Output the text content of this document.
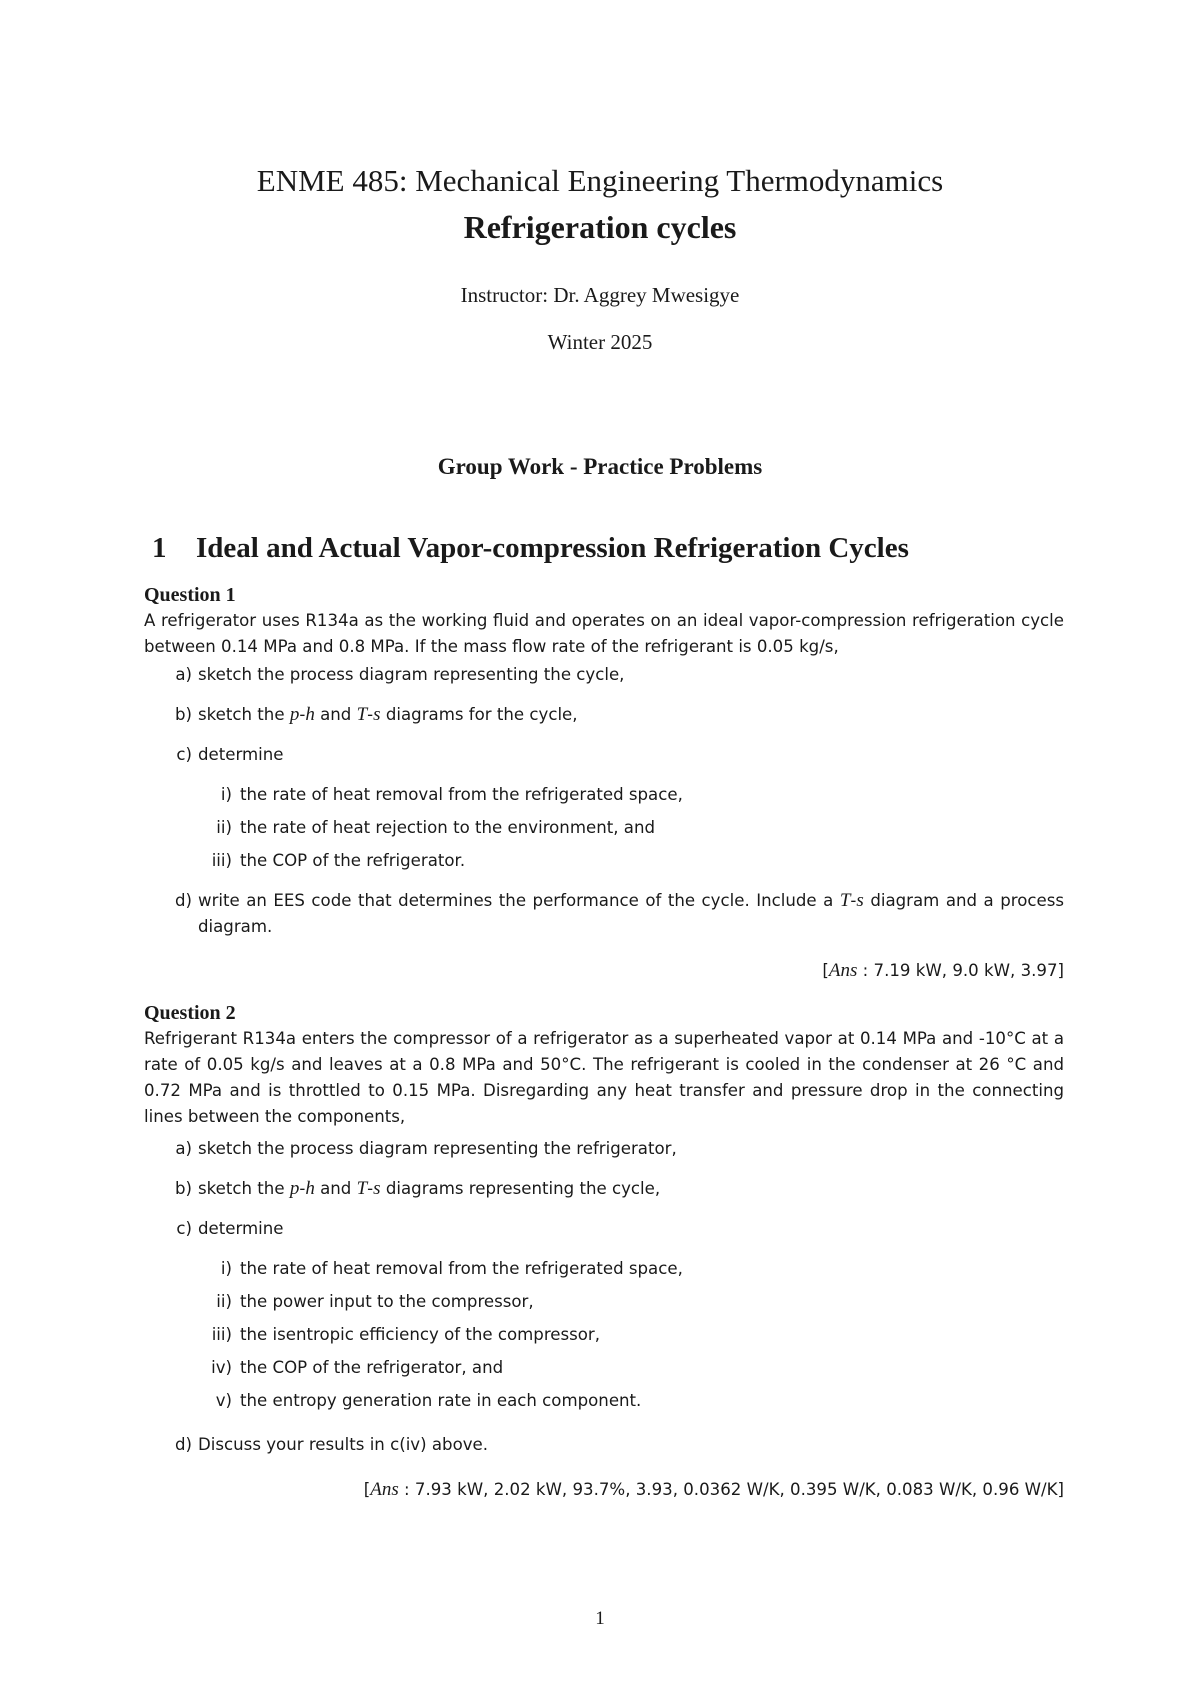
ENME 485: Mechanical Engineering Thermodynamics
Refrigeration cycles
Instructor: Dr. Aggrey Mwesigye
Winter 2025
Group Work - Practice Problems
1 Ideal and Actual Vapor-compression Refrigeration Cycles
Question 1
A refrigerator uses R134a as the working fluid and operates on an ideal vapor-compression refrigeration cycle between 0.14 MPa and 0.8 MPa. If the mass flow rate of the refrigerant is 0.05 kg/s,
a) sketch the process diagram representing the cycle,
b) sketch the p-h and T-s diagrams for the cycle,
c) determine
i) the rate of heat removal from the refrigerated space,
ii) the rate of heat rejection to the environment, and
iii) the COP of the refrigerator.
d) write an EES code that determines the performance of the cycle. Include a T-s diagram and a process diagram.
[Ans : 7.19 kW, 9.0 kW, 3.97]
Question 2
Refrigerant R134a enters the compressor of a refrigerator as a superheated vapor at 0.14 MPa and -10°C at a rate of 0.05 kg/s and leaves at a 0.8 MPa and 50°C. The refrigerant is cooled in the condenser at 26 °C and 0.72 MPa and is throttled to 0.15 MPa. Disregarding any heat transfer and pressure drop in the connecting lines between the components,
a) sketch the process diagram representing the refrigerator,
b) sketch the p-h and T-s diagrams representing the cycle,
c) determine
i) the rate of heat removal from the refrigerated space,
ii) the power input to the compressor,
iii) the isentropic efficiency of the compressor,
iv) the COP of the refrigerator, and
v) the entropy generation rate in each component.
d) Discuss your results in c(iv) above.
[Ans : 7.93 kW, 2.02 kW, 93.7%, 3.93, 0.0362 W/K, 0.395 W/K, 0.083 W/K, 0.96 W/K]
1
